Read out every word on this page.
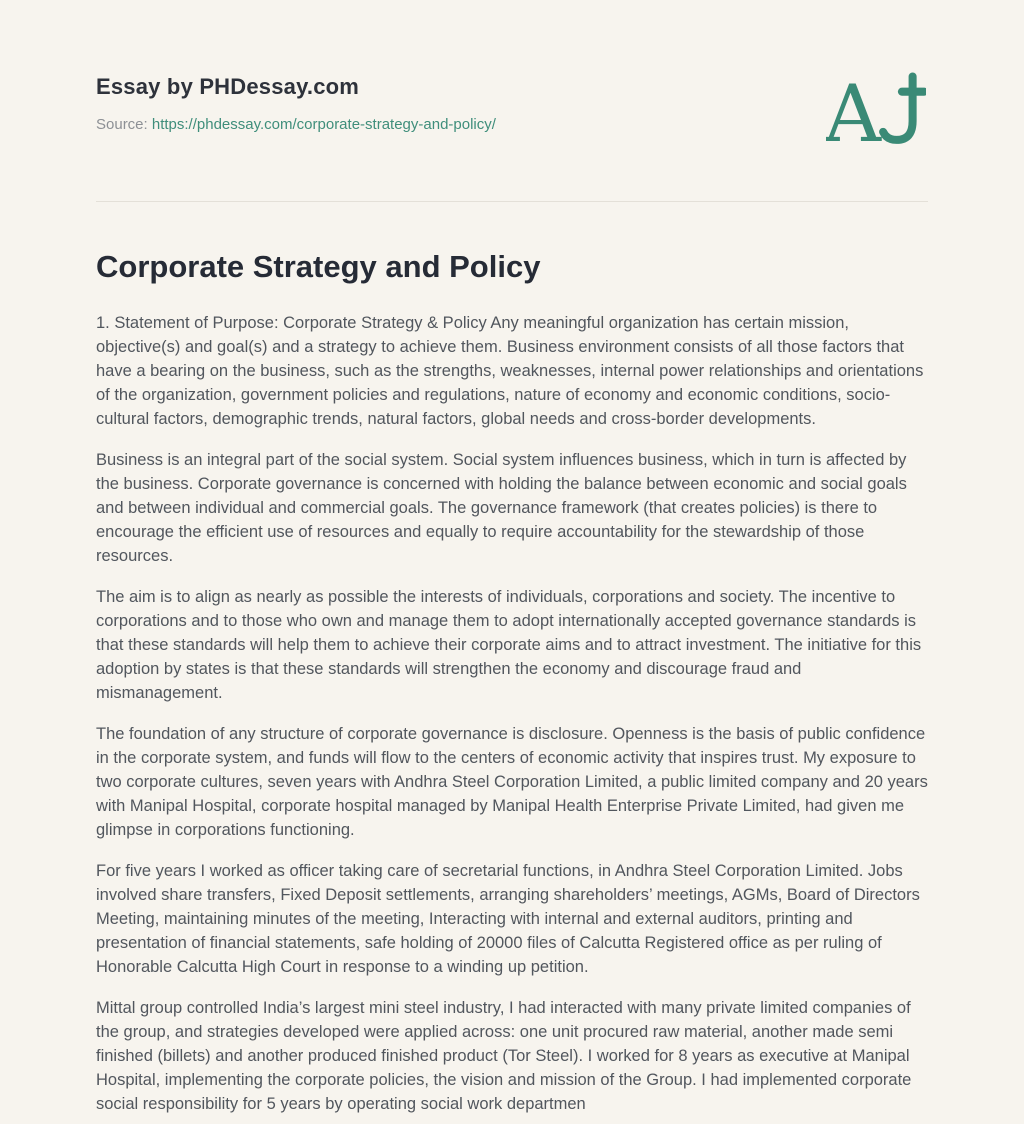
Essay by PHDessay.com
Source: https://phdessay.com/corporate-strategy-and-policy/	A
Corporate Strategy and Policy

1. Statement of Purpose: Corporate Strategy & Policy Any meaningful organization has certain mission, objective(s) and goal(s) and a strategy to achieve them. Business environment consists of all those factors that have a bearing on the business, such as the strengths, weaknesses, internal power relationships and orientations of the organization, government policies and regulations, nature of economy and economic conditions, socio-cultural factors, demographic trends, natural factors, global needs and cross-border developments.

Business is an integral part of the social system. Social system influences business, which in turn is affected by the business. Corporate governance is concerned with holding the balance between economic and social goals and between individual and commercial goals. The governance framework (that creates policies) is there to encourage the efficient use of resources and equally to require accountability for the stewardship of those resources.

The aim is to align as nearly as possible the interests of individuals, corporations and society. The incentive to corporations and to those who own and manage them to adopt internationally accepted governance standards is that these standards will help them to achieve their corporate aims and to attract investment. The initiative for this adoption by states is that these standards will strengthen the economy and discourage fraud and mismanagement.

The foundation of any structure of corporate governance is disclosure. Openness is the basis of public confidence in the corporate system, and funds will flow to the centers of economic activity that inspires trust. My exposure to two corporate cultures, seven years with Andhra Steel Corporation Limited, a public limited company and 20 years with Manipal Hospital, corporate hospital managed by Manipal Health Enterprise Private Limited, had given me glimpse in corporations functioning.

For five years I worked as officer taking care of secretarial functions, in Andhra Steel Corporation Limited. Jobs involved share transfers, Fixed Deposit settlements, arranging shareholders’ meetings, AGMs, Board of Directors Meeting, maintaining minutes of the meeting, Interacting with internal and external auditors, printing and presentation of financial statements, safe holding of 20000 files of Calcutta Registered office as per ruling of Honorable Calcutta High Court in response to a winding up petition.

Mittal group controlled India’s largest mini steel industry, I had interacted with many private limited companies of the group, and strategies developed were applied across: one unit procured raw material, another made semi finished (billets) and another produced finished product (Tor Steel). I worked for 8 years as executive at Manipal Hospital, implementing the corporate policies, the vision and mission of the Group. I had implemented corporate social responsibility for 5 years by operating social work departmen
